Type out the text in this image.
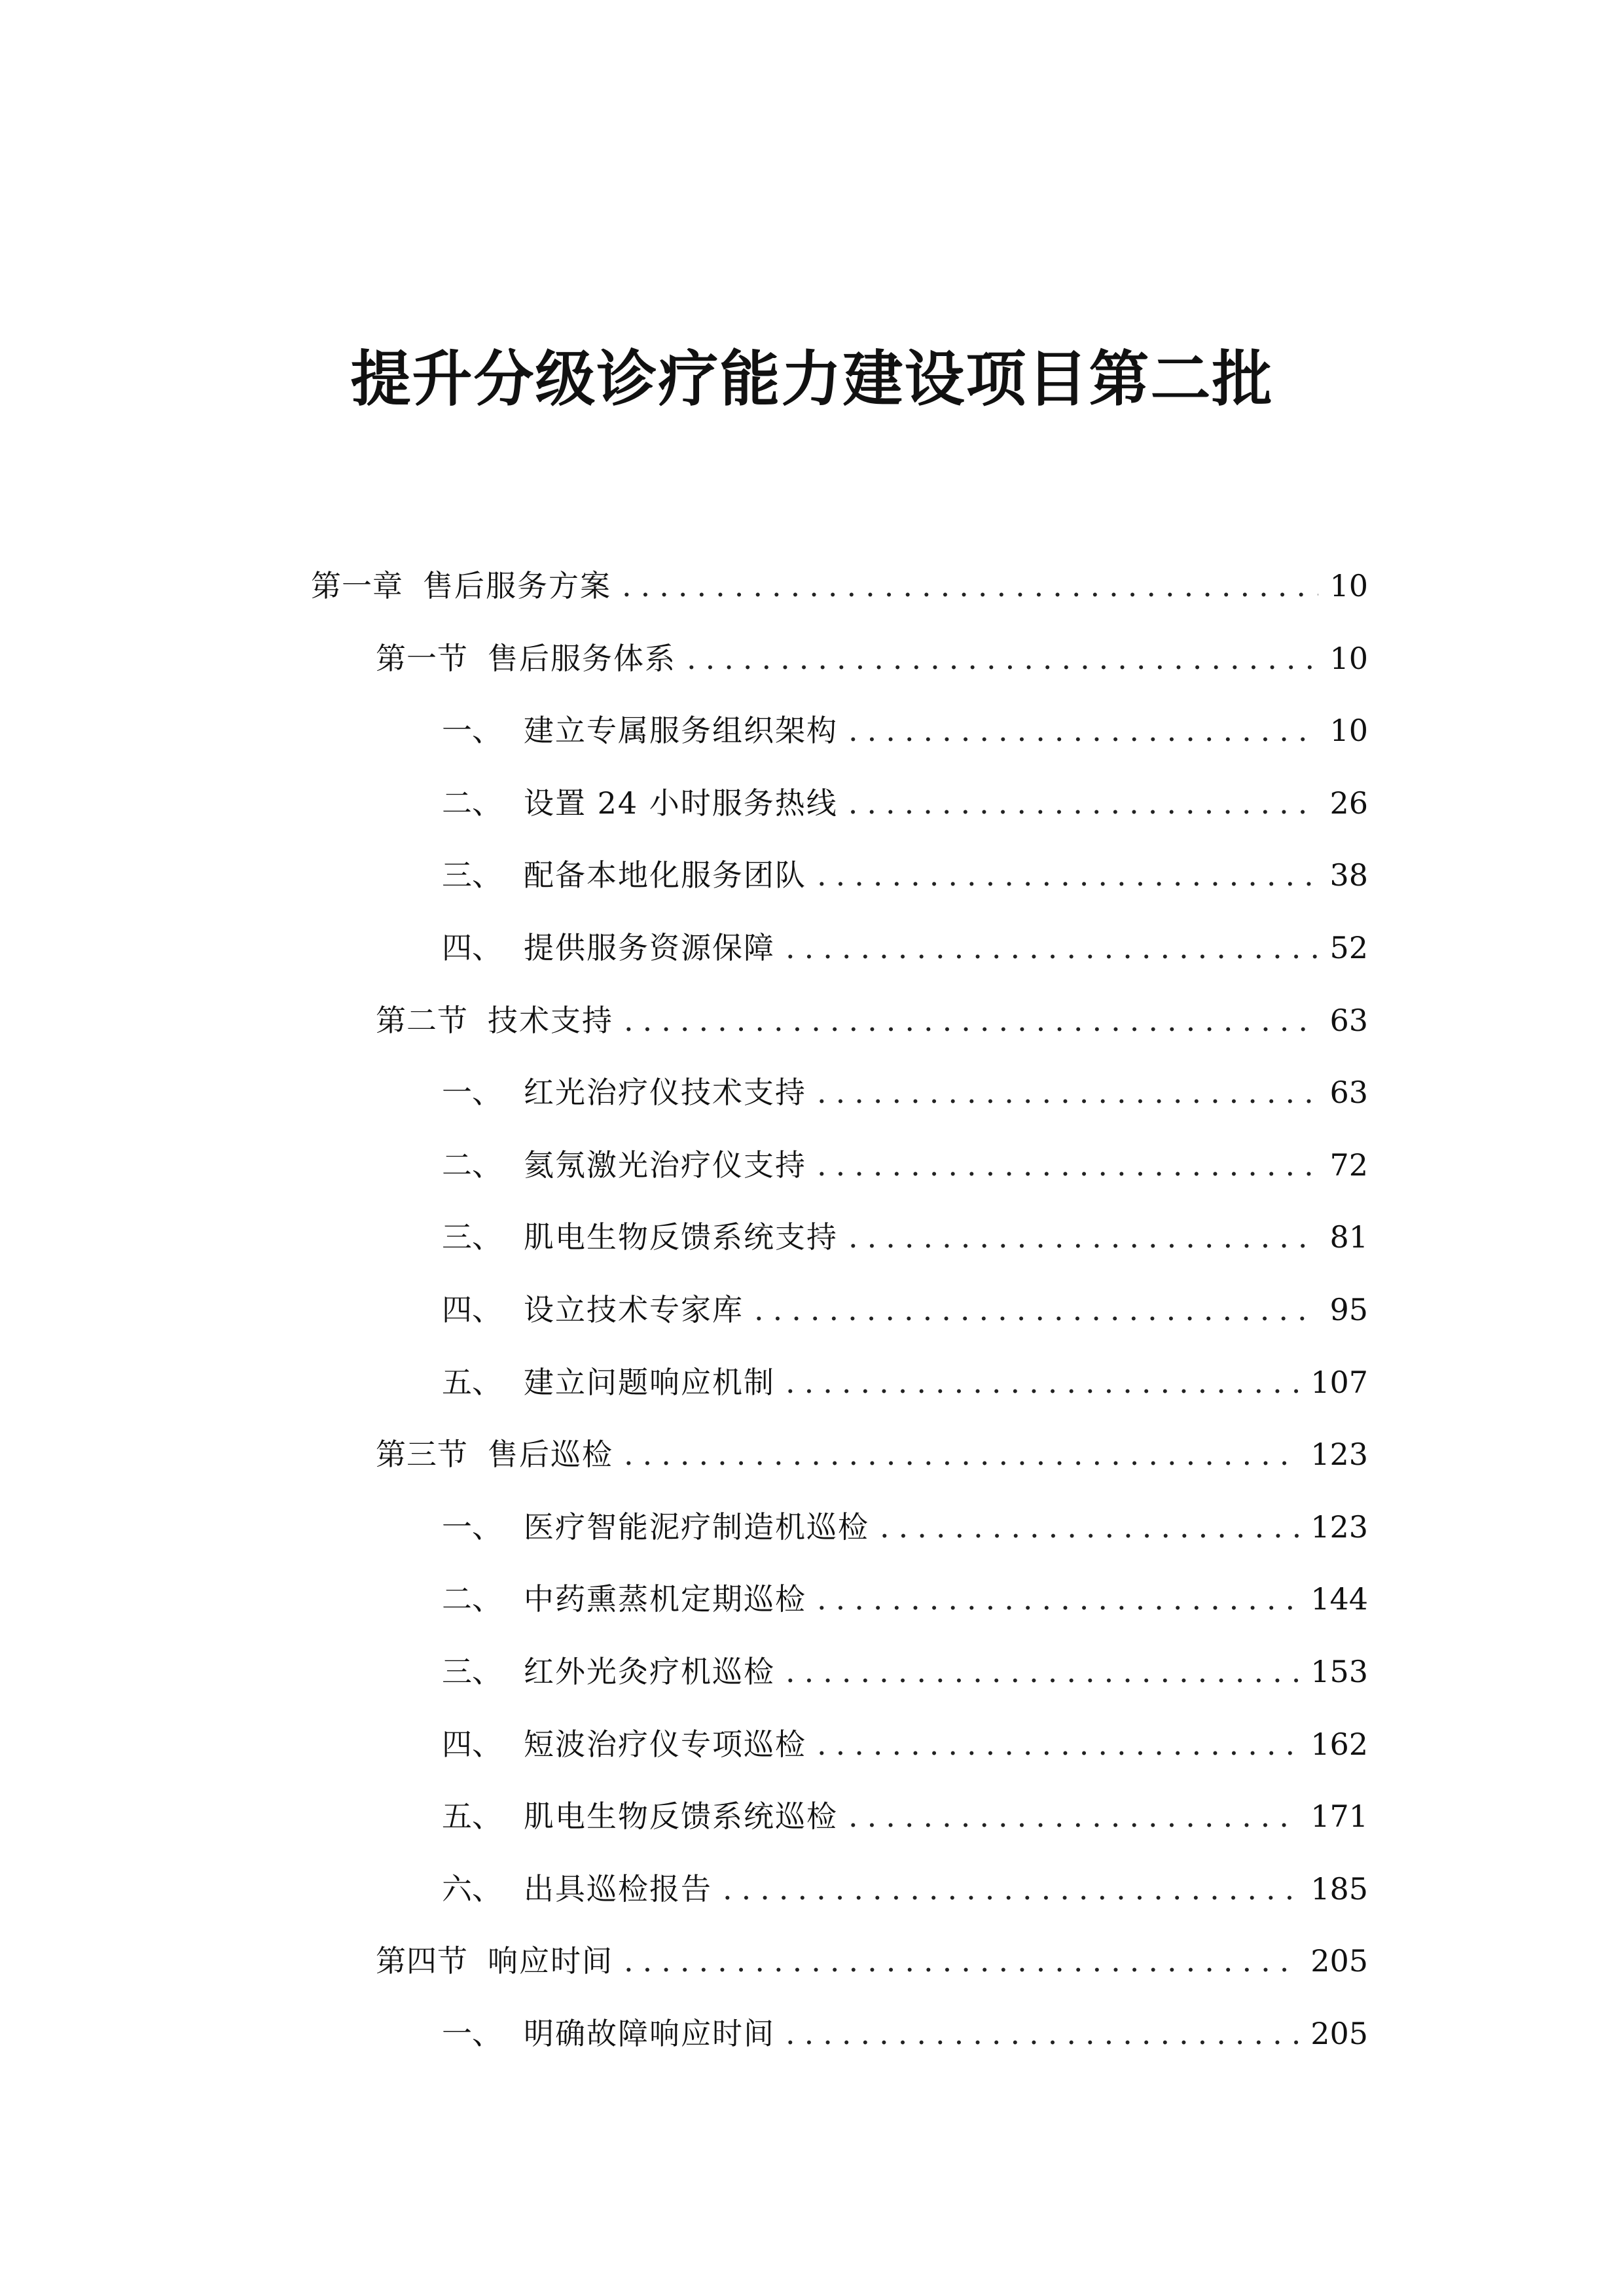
提升分级诊疗能力建设项目第二批
第一章 售后服务方案 .....	10
第一节 售后服务体系 .....	10
一、 建立专属服务组织架构 .....	10
二、 设置 24 小时服务热线 .....	26
三、 配备本地化服务团队 .....	38
四、 提供服务资源保障 .....	52
第二节 技术支持 .....	63
一、 红光治疗仪技术支持 .....	63
二、 氦氖激光治疗仪支持 .....	72
三、 肌电生物反馈系统支持 .....	81
四、 设立技术专家库 .....	95
五、 建立问题响应机制 .....	107
第三节 售后巡检 .....	123
一、 医疗智能泥疗制造机巡检 .....	123
二、 中药熏蒸机定期巡检 .....	144
三、 红外光灸疗机巡检 .....	153
四、 短波治疗仪专项巡检 .....	162
五、 肌电生物反馈系统巡检 .....	171
六、 出具巡检报告 .....	185
第四节 响应时间 .....	205
一、 明确故障响应时间 .....	205
